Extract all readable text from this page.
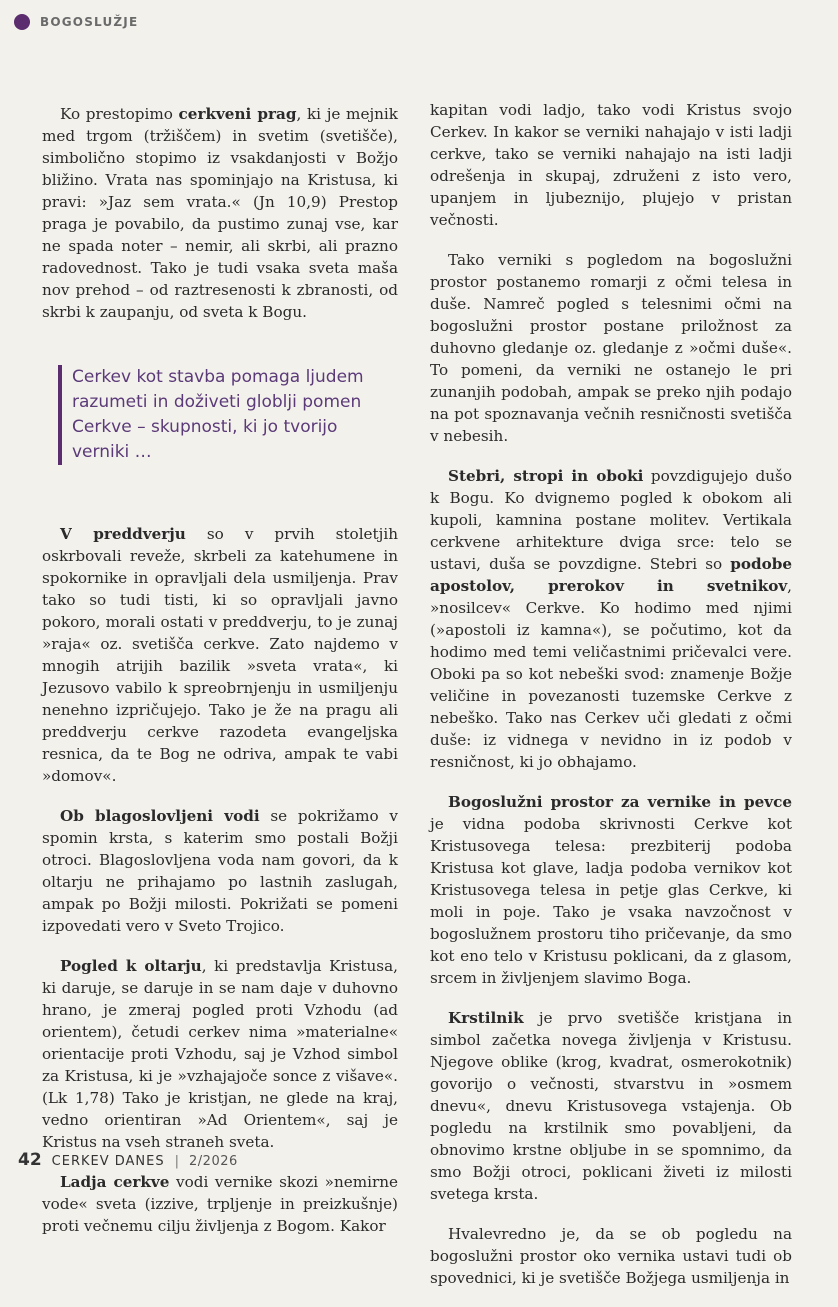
BOGOSLUŽJE

Ko prestopimo cerkveni prag, ki je mejnik med trgom (tržiščem) in svetim (svetišče), simbolično stopimo iz vsakdanjosti v Božjo bližino. Vrata nas spominjajo na Kristusa, ki pravi: »Jaz sem vrata.« (Jn 10,9) Prestop praga je povabilo, da pustimo zunaj vse, kar ne spada noter – nemir, ali skrbi, ali prazno radovednost. Tako je tudi vsaka sveta maša nov prehod – od raztresenosti k zbranosti, od skrbi k zaupanju, od sveta k Bogu.

Cerkev kot stavba pomaga ljudem razumeti in doživeti globlji pomen Cerkve – skupnosti, ki jo tvorijo verniki …

V preddverju so v prvih stoletjih oskrbovali reveže, skrbeli za katehumene in spokornike in opravljali dela usmiljenja. Prav tako so tudi tisti, ki so opravljali javno pokoro, morali ostati v preddverju, to je zunaj »raja« oz. svetišča cerkve. Zato najdemo v mnogih atrijih bazilik »sveta vrata«, ki Jezusovo vabilo k spreobrnjenju in usmiljenju nenehno izpričujejo. Tako je že na pragu ali preddverju cerkve razodeta evangeljska resnica, da te Bog ne odriva, ampak te vabi »domov«.

Ob blagoslovljeni vodi se pokrižamo v spomin krsta, s katerim smo postali Božji otroci. Blagoslovljena voda nam govori, da k oltarju ne prihajamo po lastnih zaslugah, ampak po Božji milosti. Pokrižati se pomeni izpovedati vero v Sveto Trojico.

Pogled k oltarju, ki predstavlja Kristusa, ki daruje, se daruje in se nam daje v duhovno hrano, je zmeraj pogled proti Vzhodu (ad orientem), četudi cerkev nima »materialne« orientacije proti Vzhodu, saj je Vzhod simbol za Kristusa, ki je »vzhajajoče sonce z višave«. (Lk 1,78) Tako je kristjan, ne glede na kraj, vedno orientiran »Ad Orientem«, saj je Kristus na vseh straneh sveta.

Ladja cerkve vodi vernike skozi »nemirne vode« sveta (izzive, trpljenje in preizkušnje) proti večnemu cilju življenja z Bogom. Kakor

kapitan vodi ladjo, tako vodi Kristus svojo Cerkev. In kakor se verniki nahajajo v isti ladji cerkve, tako se verniki nahajajo na isti ladji odrešenja in skupaj, združeni z isto vero, upanjem in ljubeznijo, plujejo v pristan večnosti.

Tako verniki s pogledom na bogoslužni prostor postanemo romarji z očmi telesa in duše. Namreč pogled s telesnimi očmi na bogoslužni prostor postane priložnost za duhovno gledanje oz. gledanje z »očmi duše«. To pomeni, da verniki ne ostanejo le pri zunanjih podobah, ampak se preko njih podajo na pot spoznavanja večnih resničnosti svetišča v nebesih.

Stebri, stropi in oboki povzdigujejo dušo k Bogu. Ko dvignemo pogled k obokom ali kupoli, kamnina postane molitev. Vertikala cerkvene arhitekture dviga srce: telo se ustavi, duša se povzdigne. Stebri so podobe apostolov, prerokov in svetnikov, »nosilcev« Cerkve. Ko hodimo med njimi (»apostoli iz kamna«), se počutimo, kot da hodimo med temi veličastnimi pričevalci vere. Oboki pa so kot nebeški svod: znamenje Božje veličine in povezanosti tuzemske Cerkve z nebeško. Tako nas Cerkev uči gledati z očmi duše: iz vidnega v nevidno in iz podob v resničnost, ki jo obhajamo.

Bogoslužni prostor za vernike in pevce je vidna podoba skrivnosti Cerkve kot Kristusovega telesa: prezbiterij podoba Kristusa kot glave, ladja podoba vernikov kot Kristusovega telesa in petje glas Cerkve, ki moli in poje. Tako je vsaka navzočnost v bogoslužnem prostoru tiho pričevanje, da smo kot eno telo v Kristusu poklicani, da z glasom, srcem in življenjem slavimo Boga.

Krstilnik je prvo svetišče kristjana in simbol začetka novega življenja v Kristusu. Njegove oblike (krog, kvadrat, osmerokotnik) govorijo o večnosti, stvarstvu in »osmem dnevu«, dnevu Kristusovega vstajenja. Ob pogledu na krstilnik smo povabljeni, da obnovimo krstne obljube in se spomnimo, da smo Božji otroci, poklicani živeti iz milosti svetega krsta.

Hvalevredno je, da se ob pogledu na bogoslužni prostor oko vernika ustavi tudi ob spovednici, ki je svetišče Božjega usmiljenja in

42 CERKEV DANES | 2/2026
